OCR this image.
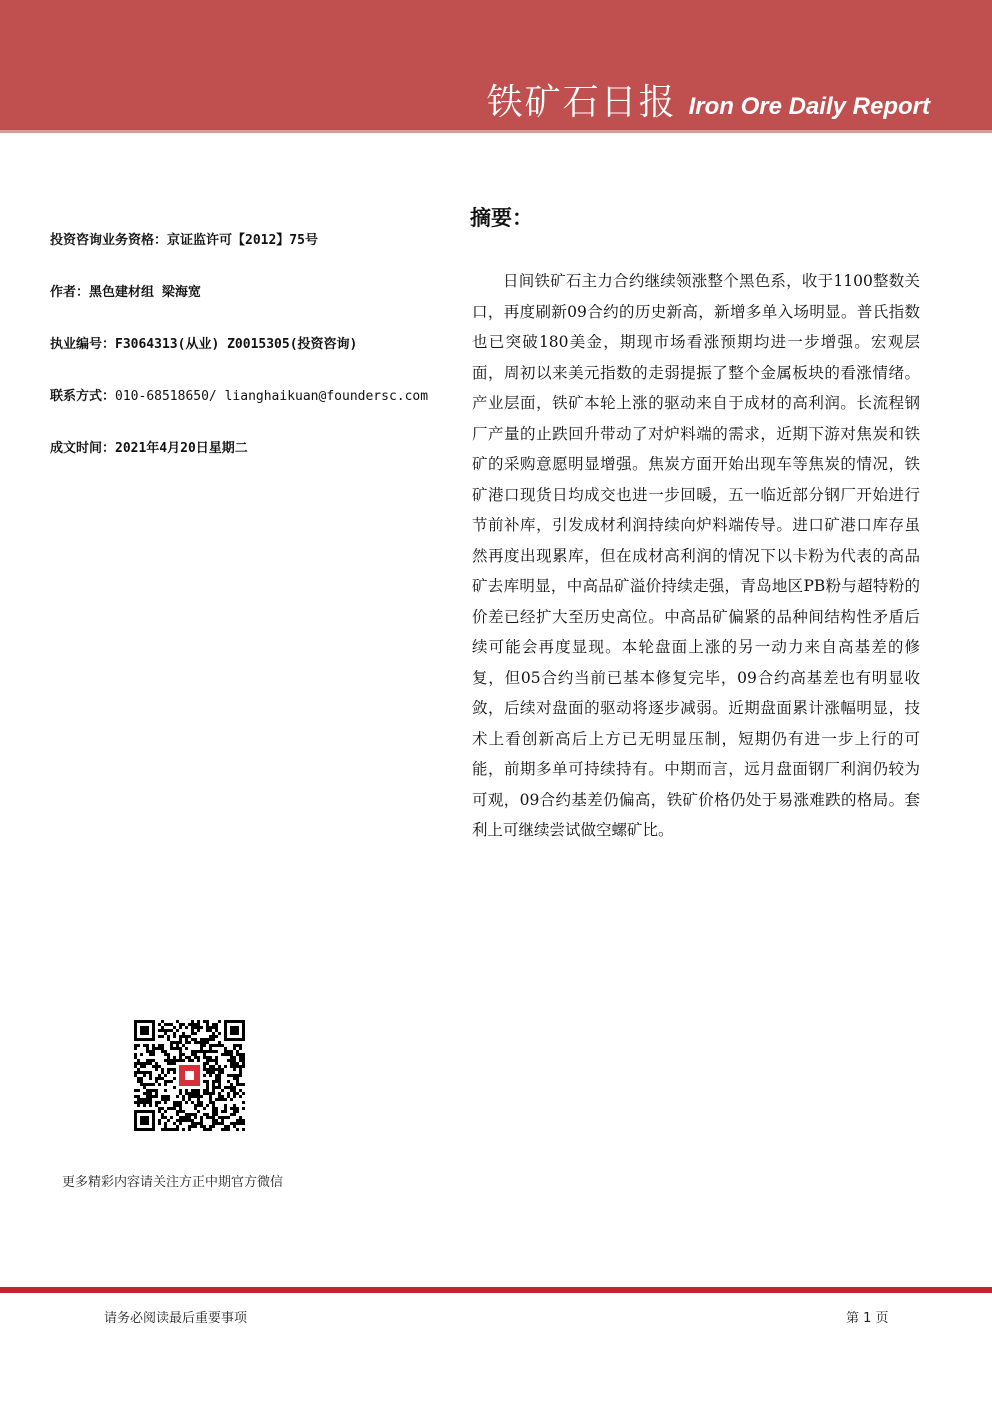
铁矿石日报 Iron Ore Daily Report
投资咨询业务资格：京证监许可【2012】75号
作者：黑色建材组 梁海宽
执业编号：F3064313(从业) Z0015305(投资咨询)
联系方式：010-68518650/ lianghaikuan@foundersc.com
成文时间：2021年4月20日星期二
摘要：

日间铁矿石主力合约继续领涨整个黑色系，收于1100整数关口，再度刷新09合约的历史新高，新增多单入场明显。普氏指数也已突破180美金，期现市场看涨预期均进一步增强。宏观层面，周初以来美元指数的走弱提振了整个金属板块的看涨情绪。产业层面，铁矿本轮上涨的驱动来自于成材的高利润。长流程钢厂产量的止跌回升带动了对炉料端的需求，近期下游对焦炭和铁矿的采购意愿明显增强。焦炭方面开始出现车等焦炭的情况，铁矿港口现货日均成交也进一步回暖，五一临近部分钢厂开始进行节前补库，引发成材利润持续向炉料端传导。进口矿港口库存虽然再度出现累库，但在成材高利润的情况下以卡粉为代表的高品矿去库明显，中高品矿溢价持续走强，青岛地区PB粉与超特粉的价差已经扩大至历史高位。中高品矿偏紧的品种间结构性矛盾后续可能会再度显现。本轮盘面上涨的另一动力来自高基差的修复，但05合约当前已基本修复完毕，09合约高基差也有明显收敛，后续对盘面的驱动将逐步减弱。近期盘面累计涨幅明显，技术上看创新高后上方已无明显压制，短期仍有进一步上行的可能，前期多单可持续持有。中期而言，远月盘面钢厂利润仍较为可观，09合约基差仍偏高，铁矿价格仍处于易涨难跌的格局。套利上可继续尝试做空螺矿比。

更多精彩内容请关注方正中期官方微信
请务必阅读最后重要事项	第 1 页
